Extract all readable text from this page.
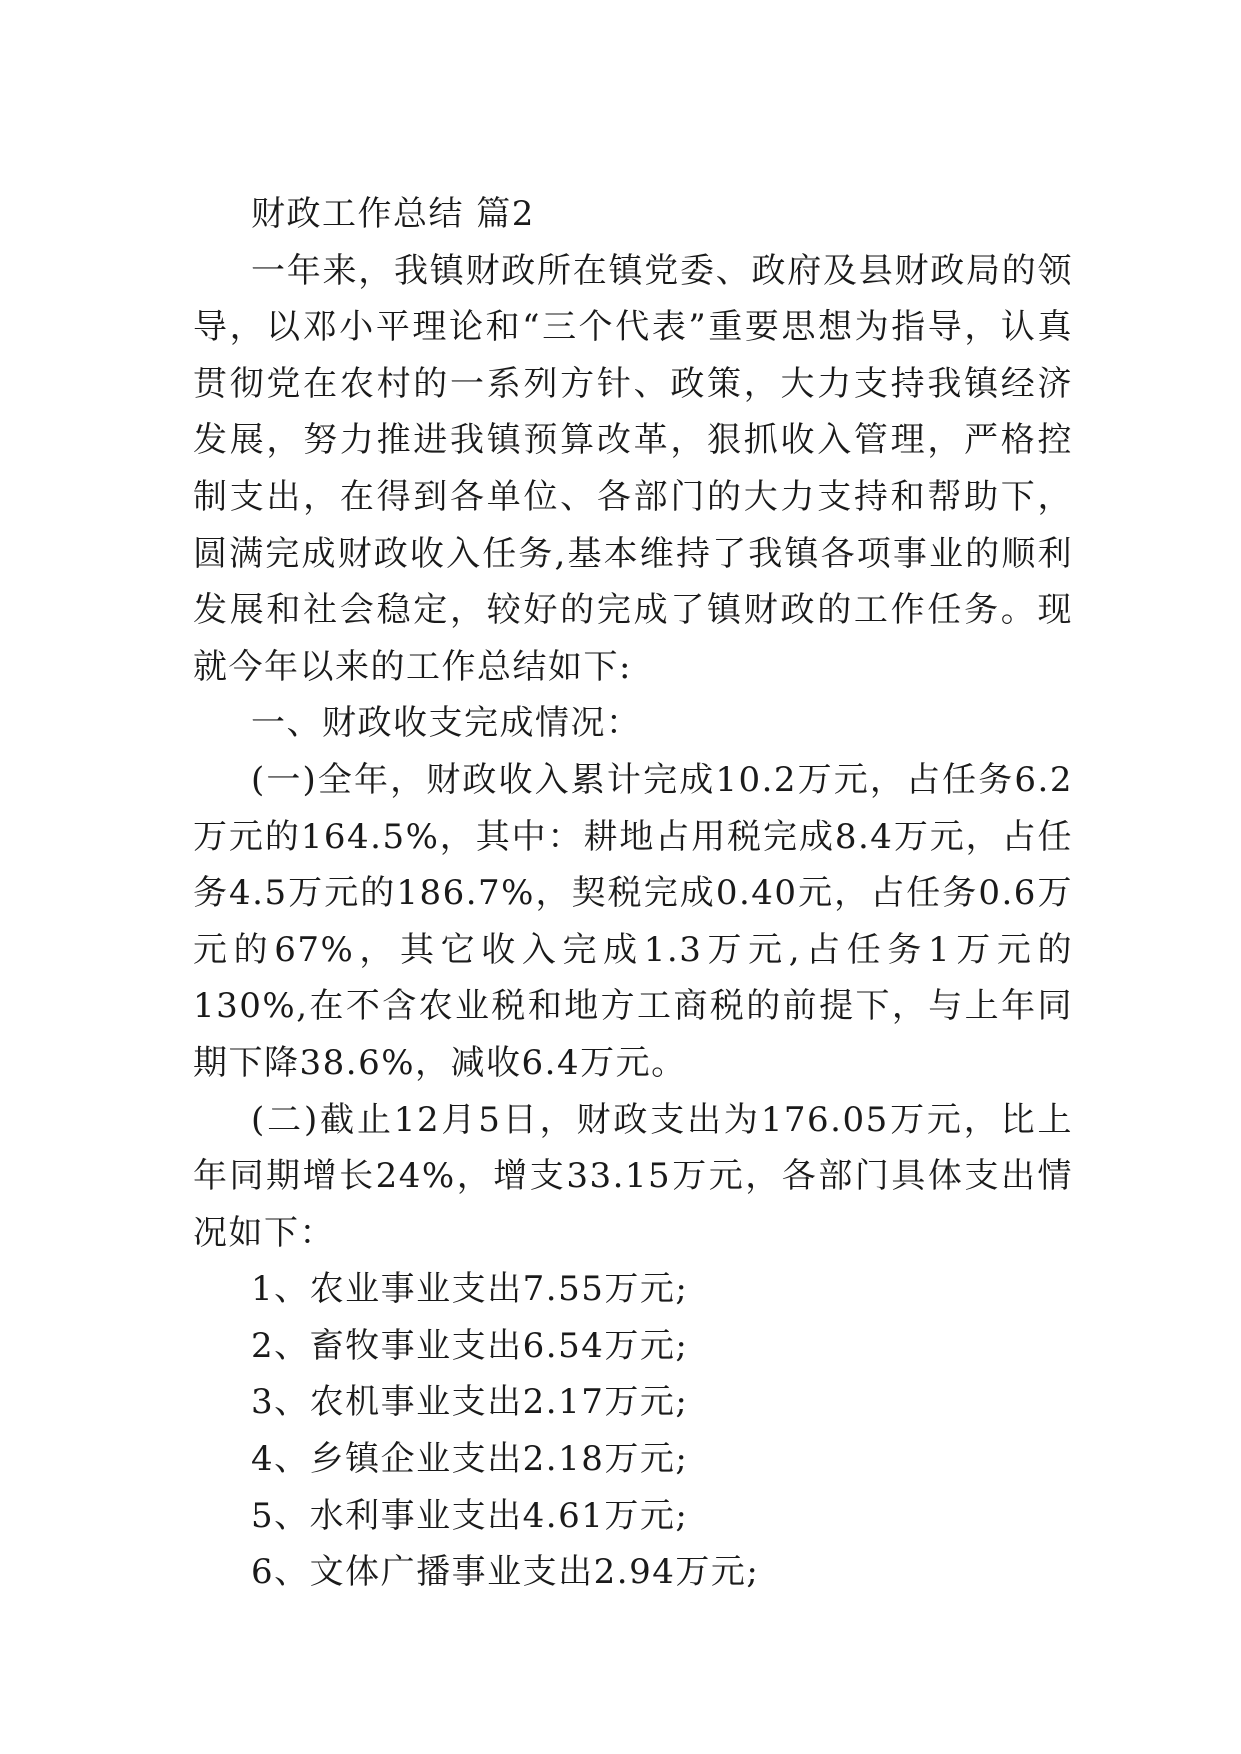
财政工作总结 篇2

一年来，我镇财政所在镇党委、政府及县财政局的领导，以邓小平理论和“三个代表”重要思想为指导，认真贯彻党在农村的一系列方针、政策，大力支持我镇经济发展，努力推进我镇预算改革，狠抓收入管理，严格控制支出，在得到各单位、各部门的大力支持和帮助下，圆满完成财政收入任务,基本维持了我镇各项事业的顺利发展和社会稳定，较好的完成了镇财政的工作任务。现就今年以来的工作总结如下:

一、财政收支完成情况：

(一)全年，财政收入累计完成10.2万元，占任务6.2万元的164.5%，其中：耕地占用税完成8.4万元，占任务4.5万元的186.7%，契税完成0.40元，占任务0.6万元的67%，其它收入完成1.3万元,占任务1万元的130%,在不含农业税和地方工商税的前提下，与上年同期下降38.6%，减收6.4万元。

(二)截止12月5日，财政支出为176.05万元，比上年同期增长24%，增支33.15万元，各部门具体支出情况如下：

1、农业事业支出7.55万元;

2、畜牧事业支出6.54万元;

3、农机事业支出2.17万元;

4、乡镇企业支出2.18万元;

5、水利事业支出4.61万元;

6、文体广播事业支出2.94万元;
